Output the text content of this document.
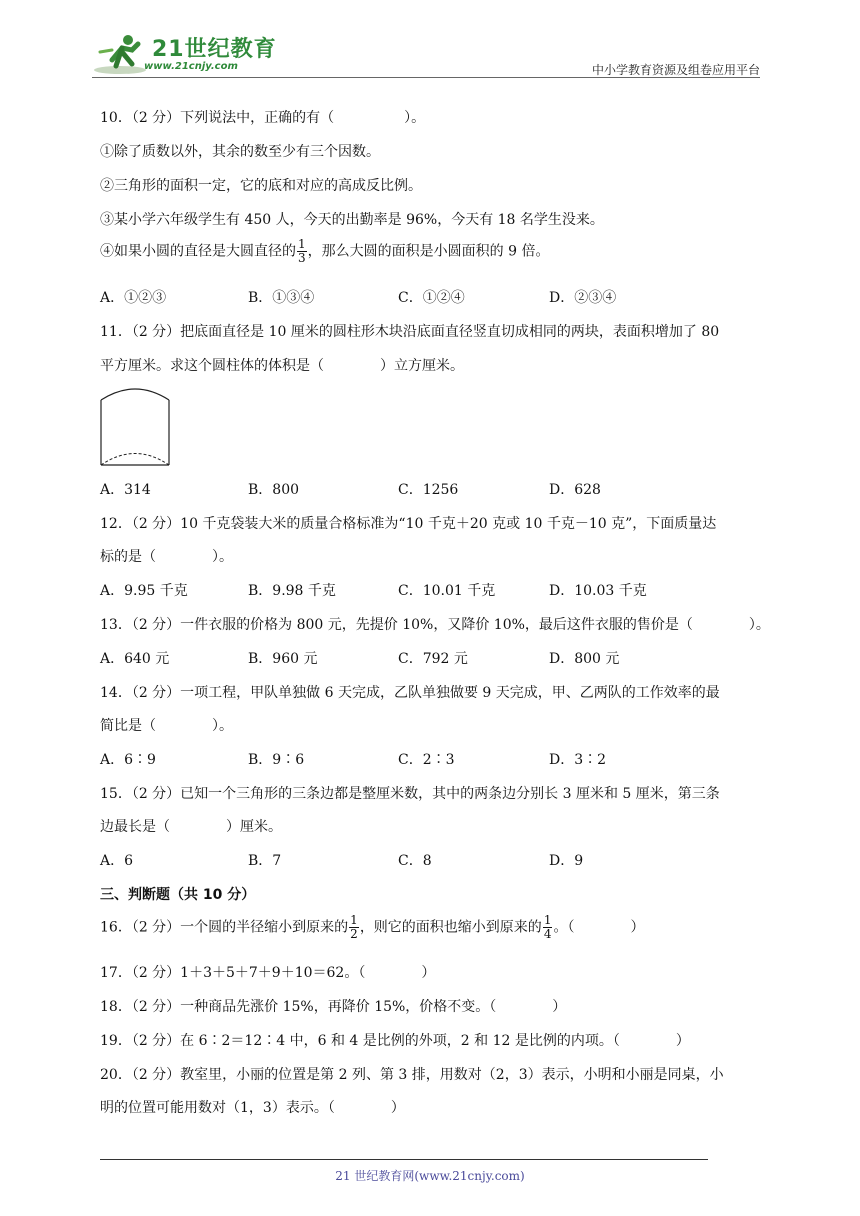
21世纪教育
www.21cnjy.com	中小学教育资源及组卷应用平台
10．（2 分）下列说法中，正确的有（　　　　　）。
①除了质数以外，其余的数至少有三个因数。
②三角形的面积一定，它的底和对应的高成反比例。
③某小学六年级学生有 450 人，今天的出勤率是 96%，今天有 18 名学生没来。
④如果小圆的直径是大圆直径的 $\frac{1}{3}$ ，那么大圆的面积是小圆面积的 9 倍。
A．①②③	B．①③④	C．①②④	D．②③④
11．（2 分）把底面直径是 10 厘米的圆柱形木块沿底面直径竖直切成相同的两块，表面积增加了 80
平方厘米。求这个圆柱体的体积是（　　　　）立方厘米。
A．314	B．800	C．1256	D．628
12．（2 分）10 千克袋装大米的质量合格标准为“10 千克＋20 克或 10 千克－10 克”，下面质量达
标的是（　　　　）。
A．9.95 千克	B．9.98 千克	C．10.01 千克	D．10.03 千克
13．（2 分）一件衣服的价格为 800 元，先提价 10%，又降价 10%，最后这件衣服的售价是（　　　　）。
A．640 元	B．960 元	C．792 元	D．800 元
14．（2 分）一项工程，甲队单独做 6 天完成，乙队单独做要 9 天完成，甲、乙两队的工作效率的最
简比是（　　　　）。
A．6∶9	B．9∶6	C．2∶3	D．3∶2
15．（2 分）已知一个三角形的三条边都是整厘米数，其中的两条边分别长 3 厘米和 5 厘米，第三条
边最长是（　　　　）厘米。
A．6	B．7	C．8	D．9
三、判断题（共 10 分）
16．（2 分）一个圆的半径缩小到原来的 $\frac{1}{2}$ ，则它的面积也缩小到原来的 $\frac{1}{4}$ 。（　　　　）
17．（2 分）1＋3＋5＋7＋9＋10＝62。（　　　　）
18．（2 分）一种商品先涨价 15%，再降价 15%，价格不变。（　　　　）
19．（2 分）在 6∶2＝12∶4 中，6 和 4 是比例的外项，2 和 12 是比例的内项。（　　　　）
20．（2 分）教室里，小丽的位置是第 2 列、第 3 排，用数对（2，3）表示，小明和小丽是同桌，小
明的位置可能用数对（1，3）表示。（　　　　）
21 世纪教育网(www.21cnjy.com)
